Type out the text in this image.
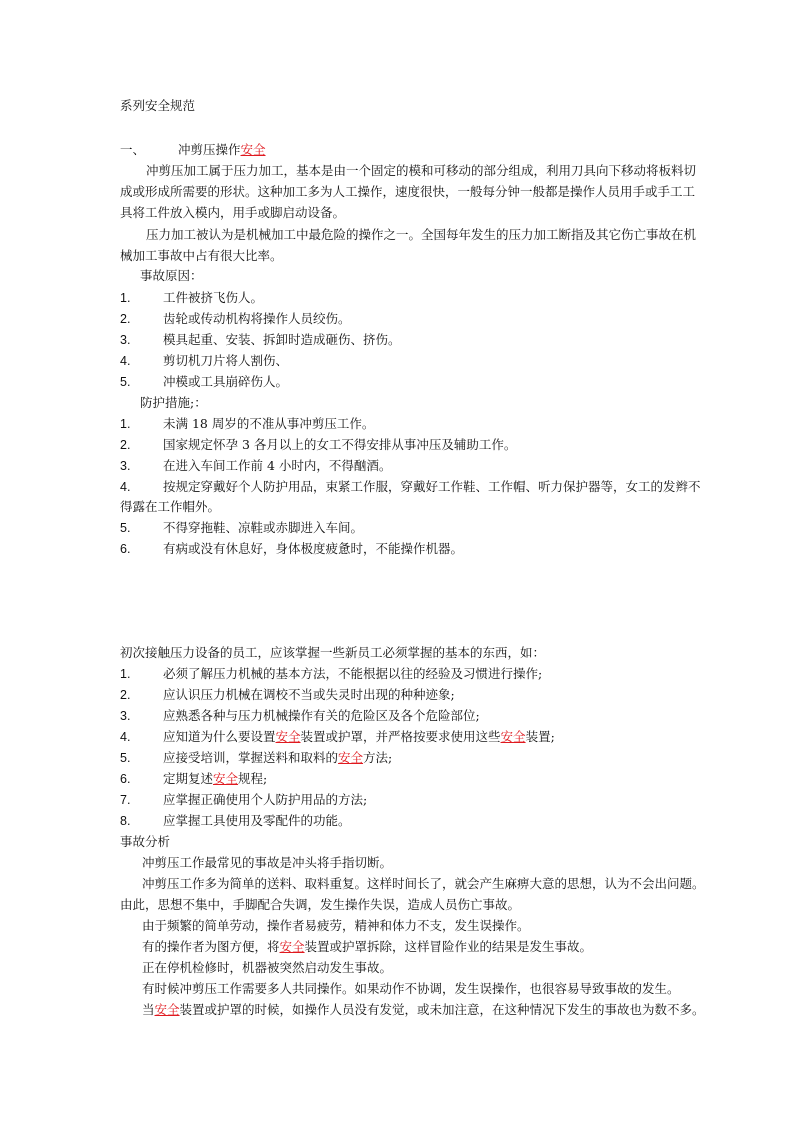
系列安全规范
一、	冲剪压操作安全
冲剪压加工属于压力加工，基本是由一个固定的模和可移动的部分组成，利用刀具向下移动将板料切
成或形成所需要的形状。这种加工多为人工操作，速度很快，一般每分钟一般都是操作人员用手或手工工
具将工件放入模内，用手或脚启动设备。
压力加工被认为是机械加工中最危险的操作之一。全国每年发生的压力加工断指及其它伤亡事故在机
械加工事故中占有很大比率。
事故原因：
1.	工件被挤飞伤人。
2.	齿轮或传动机构将操作人员绞伤。
3.	模具起重、安装、拆卸时造成砸伤、挤伤。
4.	剪切机刀片将人割伤、
5.	冲模或工具崩碎伤人。
防护措施;：
1.	未满 18 周岁的不准从事冲剪压工作。
2.	国家规定怀孕 3 各月以上的女工不得安排从事冲压及辅助工作。
3.	在进入车间工作前 4 小时内，不得酗酒。
4.	按规定穿戴好个人防护用品，束紧工作服，穿戴好工作鞋、工作帽、听力保护器等，女工的发辫不
得露在工作帽外。
5.	不得穿拖鞋、凉鞋或赤脚进入车间。
6.	有病或没有休息好，身体极度疲惫时，不能操作机器。
初次接触压力设备的员工，应该掌握一些新员工必须掌握的基本的东西，如：
1.	必须了解压力机械的基本方法，不能根据以往的经验及习惯进行操作;
2.	应认识压力机械在调校不当或失灵时出现的种种迹象;
3.	应熟悉各种与压力机械操作有关的危险区及各个危险部位;
4.	应知道为什么要设置安全装置或护罩，并严格按要求使用这些安全装置;
5.	应接受培训，掌握送料和取料的安全方法;
6.	定期复述安全规程;
7.	应掌握正确使用个人防护用品的方法;
8.	应掌握工具使用及零配件的功能。
事故分析
冲剪压工作最常见的事故是冲头将手指切断。
冲剪压工作多为简单的送料、取料重复。这样时间长了，就会产生麻痹大意的思想，认为不会出问题。
由此，思想不集中，手脚配合失调，发生操作失误，造成人员伤亡事故。
由于频繁的简单劳动，操作者易疲劳，精神和体力不支，发生误操作。
有的操作者为图方便，将安全装置或护罩拆除，这样冒险作业的结果是发生事故。
正在停机检修时，机器被突然启动发生事故。
有时候冲剪压工作需要多人共同操作。如果动作不协调，发生误操作，也很容易导致事故的发生。
当安全装置或护罩的时候，如操作人员没有发觉，或未加注意，在这种情况下发生的事故也为数不多。
